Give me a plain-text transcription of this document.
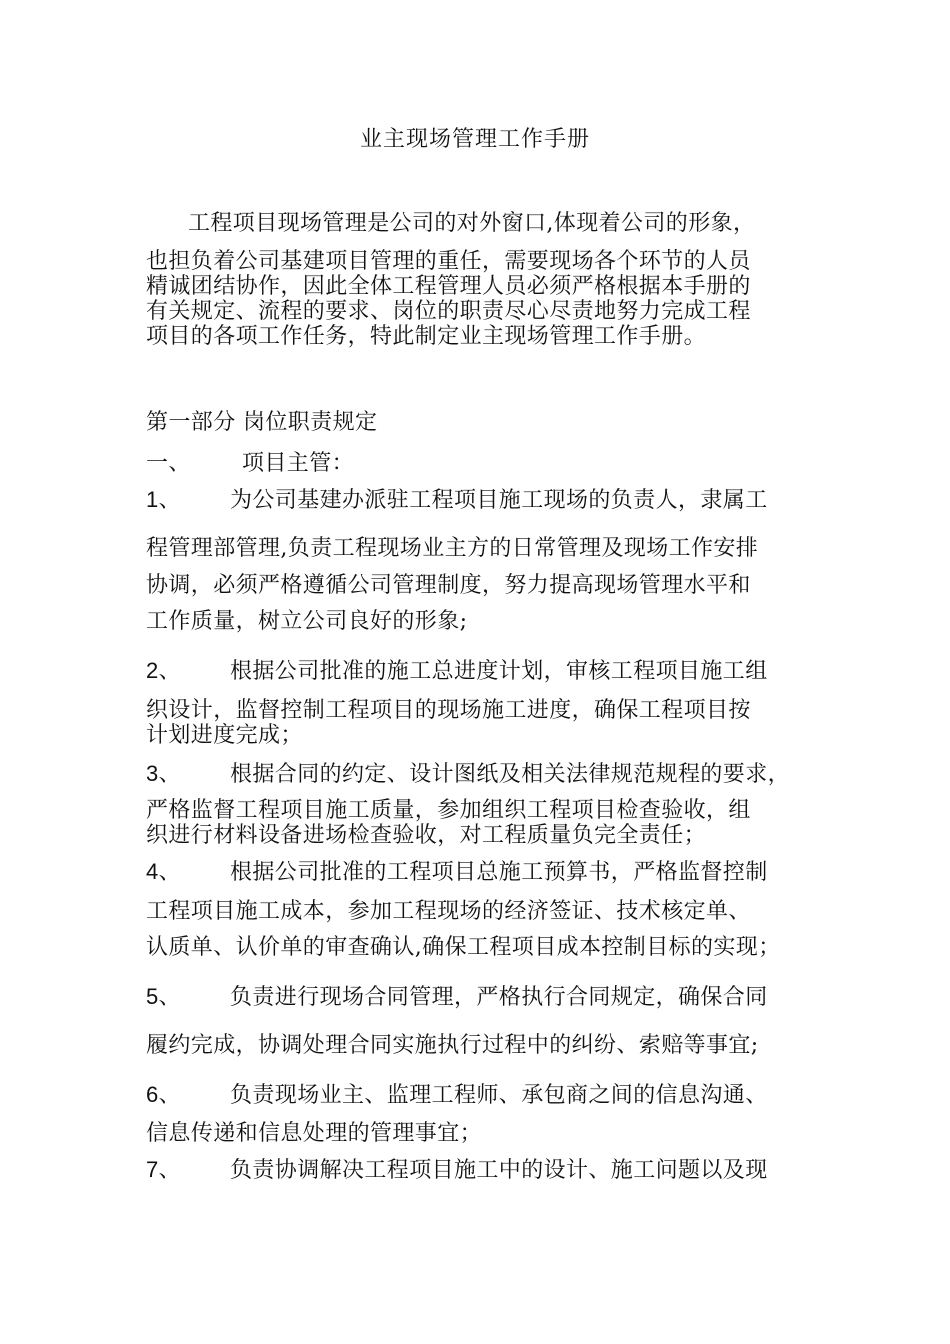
业主现场管理工作手册
工程项目现场管理是公司的对外窗口,体现着公司的形象，
也担负着公司基建项目管理的重任，需要现场各个环节的人员
精诚团结协作，因此全体工程管理人员必须严格根据本手册的
有关规定、流程的要求、岗位的职责尽心尽责地努力完成工程
项目的各项工作任务，特此制定业主现场管理工作手册。
第一部分 岗位职责规定
一、 项目主管：
1、 为公司基建办派驻工程项目施工现场的负责人，隶属工
程管理部管理,负责工程现场业主方的日常管理及现场工作安排
协调，必须严格遵循公司管理制度，努力提高现场管理水平和
工作质量，树立公司良好的形象;
2、 根据公司批准的施工总进度计划，审核工程项目施工组
织设计，监督控制工程项目的现场施工进度，确保工程项目按
计划进度完成；
3、 根据合同的约定、设计图纸及相关法律规范规程的要求，
严格监督工程项目施工质量，参加组织工程项目检查验收，组
织进行材料设备进场检查验收，对工程质量负完全责任；
4、 根据公司批准的工程项目总施工预算书，严格监督控制
工程项目施工成本，参加工程现场的经济签证、技术核定单、
认质单、认价单的审查确认,确保工程项目成本控制目标的实现；
5、 负责进行现场合同管理，严格执行合同规定，确保合同
履约完成，协调处理合同实施执行过程中的纠纷、索赔等事宜;
6、 负责现场业主、监理工程师、承包商之间的信息沟通、
信息传递和信息处理的管理事宜；
7、 负责协调解决工程项目施工中的设计、施工问题以及现
